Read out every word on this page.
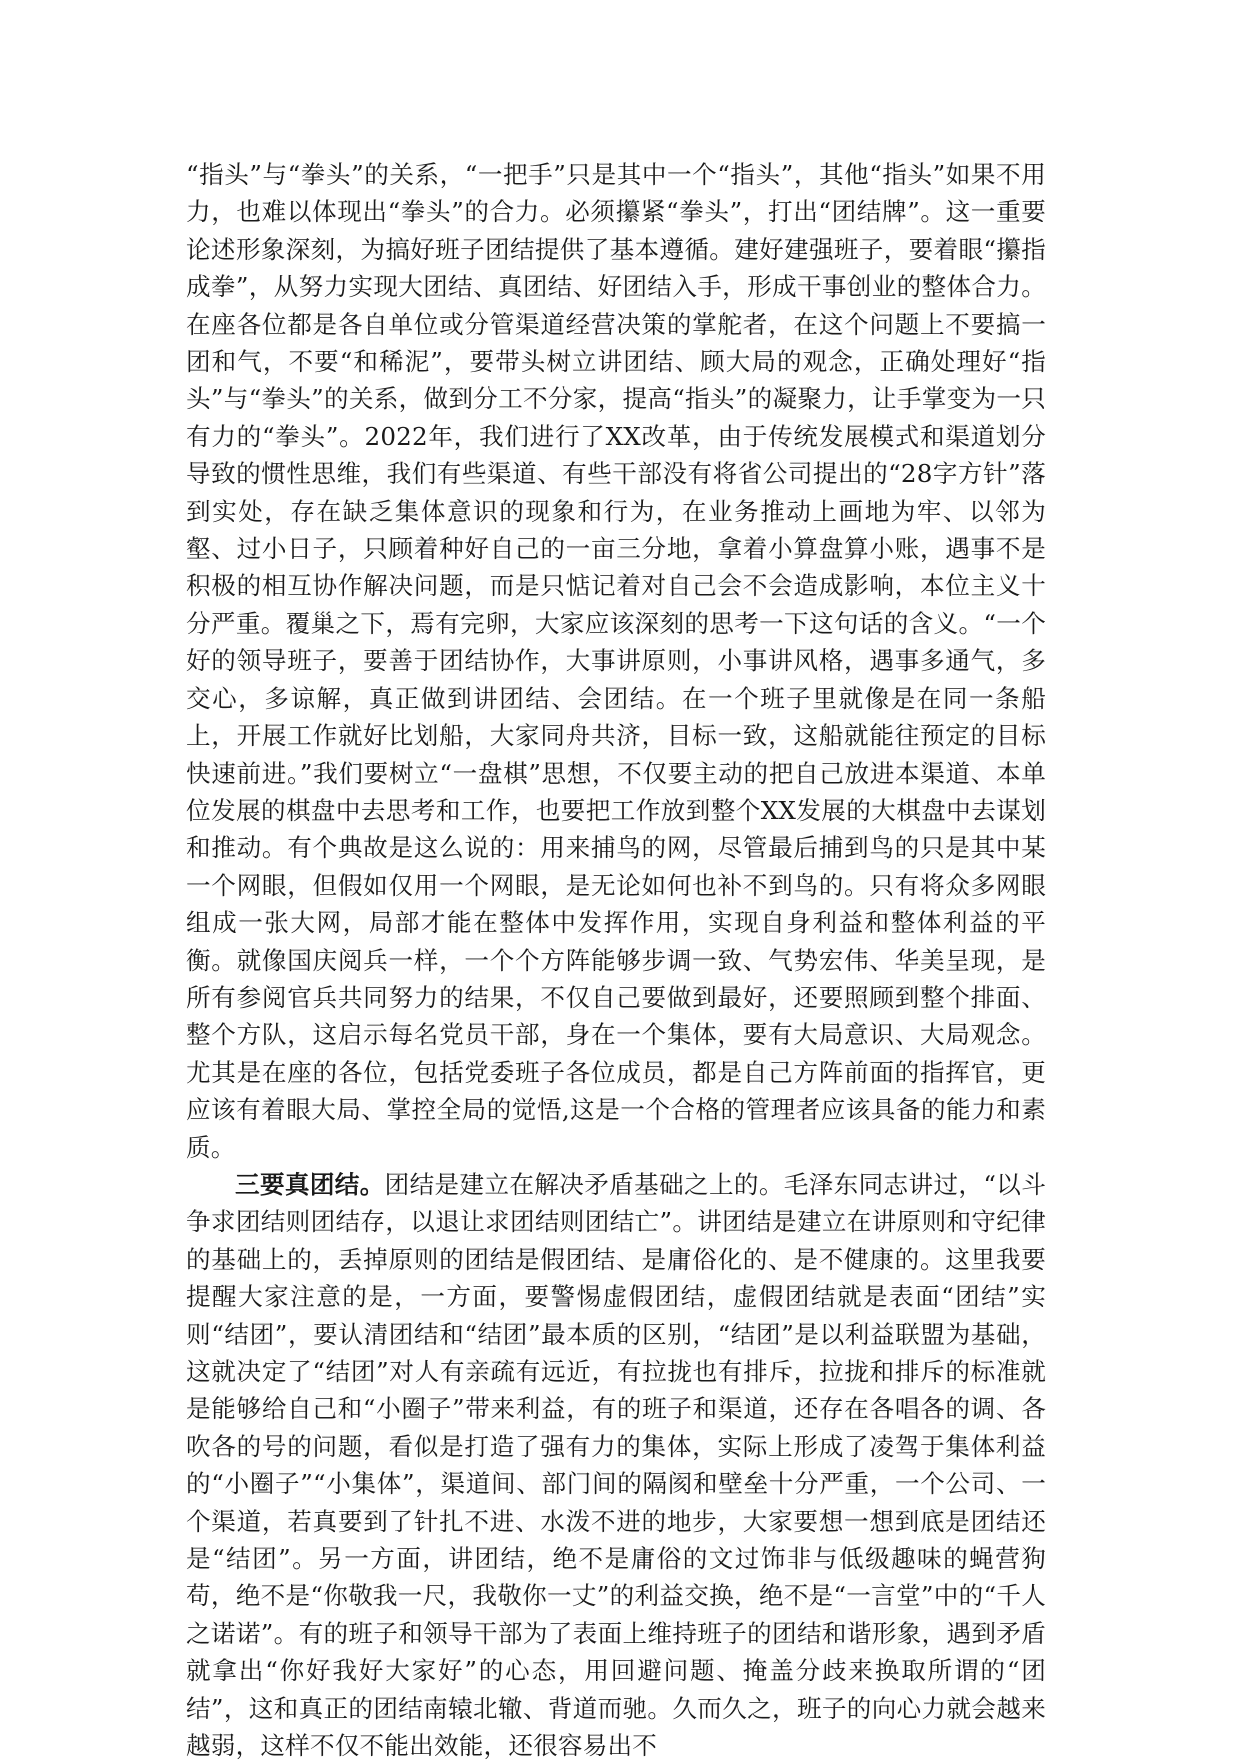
“指头”与“拳头”的关系，“一把手”只是其中一个“指头”，其他“指头”如果不用力，也难以体现出“拳头”的合力。必须攥紧“拳头”，打出“团结牌”。这一重要论述形象深刻，为搞好班子团结提供了基本遵循。建好建强班子，要着眼“攥指成拳”，从努力实现大团结、真团结、好团结入手，形成干事创业的整体合力。在座各位都是各自单位或分管渠道经营决策的掌舵者，在这个问题上不要搞一团和气，不要“和稀泥”，要带头树立讲团结、顾大局的观念，正确处理好“指头”与“拳头”的关系，做到分工不分家，提高“指头”的凝聚力，让手掌变为一只有力的“拳头”。2022年，我们进行了XX改革，由于传统发展模式和渠道划分导致的惯性思维，我们有些渠道、有些干部没有将省公司提出的“28字方针”落到实处，存在缺乏集体意识的现象和行为，在业务推动上画地为牢、以邻为壑、过小日子，只顾着种好自己的一亩三分地，拿着小算盘算小账，遇事不是积极的相互协作解决问题，而是只惦记着对自己会不会造成影响，本位主义十分严重。覆巢之下，焉有完卵，大家应该深刻的思考一下这句话的含义。“一个好的领导班子，要善于团结协作，大事讲原则，小事讲风格，遇事多通气，多交心，多谅解，真正做到讲团结、会团结。在一个班子里就像是在同一条船上，开展工作就好比划船，大家同舟共济，目标一致，这船就能往预定的目标快速前进。”我们要树立“一盘棋”思想，不仅要主动的把自己放进本渠道、本单位发展的棋盘中去思考和工作，也要把工作放到整个XX发展的大棋盘中去谋划和推动。有个典故是这么说的：用来捕鸟的网，尽管最后捕到鸟的只是其中某一个网眼，但假如仅用一个网眼，是无论如何也补不到鸟的。只有将众多网眼组成一张大网，局部才能在整体中发挥作用，实现自身利益和整体利益的平衡。就像国庆阅兵一样，一个个方阵能够步调一致、气势宏伟、华美呈现，是所有参阅官兵共同努力的结果，不仅自己要做到最好，还要照顾到整个排面、整个方队，这启示每名党员干部，身在一个集体，要有大局意识、大局观念。尤其是在座的各位，包括党委班子各位成员，都是自己方阵前面的指挥官，更应该有着眼大局、掌控全局的觉悟,这是一个合格的管理者应该具备的能力和素质。

三要真团结。团结是建立在解决矛盾基础之上的。毛泽东同志讲过，“以斗争求团结则团结存，以退让求团结则团结亡”。讲团结是建立在讲原则和守纪律的基础上的，丢掉原则的团结是假团结、是庸俗化的、是不健康的。这里我要提醒大家注意的是，一方面，要警惕虚假团结，虚假团结就是表面“团结”实则“结团”，要认清团结和“结团”最本质的区别，“结团”是以利益联盟为基础，这就决定了“结团”对人有亲疏有远近，有拉拢也有排斥，拉拢和排斥的标准就是能够给自己和“小圈子”带来利益，有的班子和渠道，还存在各唱各的调、各吹各的号的问题，看似是打造了强有力的集体，实际上形成了凌驾于集体利益的“小圈子”“小集体”，渠道间、部门间的隔阂和壁垒十分严重，一个公司、一个渠道，若真要到了针扎不进、水泼不进的地步，大家要想一想到底是团结还是“结团”。另一方面，讲团结，绝不是庸俗的文过饰非与低级趣味的蝇营狗苟，绝不是“你敬我一尺，我敬你一丈”的利益交换，绝不是“一言堂”中的“千人之诺诺”。有的班子和领导干部为了表面上维持班子的团结和谐形象，遇到矛盾就拿出“你好我好大家好”的心态，用回避问题、掩盖分歧来换取所谓的“团结”，这和真正的团结南辕北辙、背道而驰。久而久之，班子的向心力就会越来越弱，这样不仅不能出效能，还很容易出不
